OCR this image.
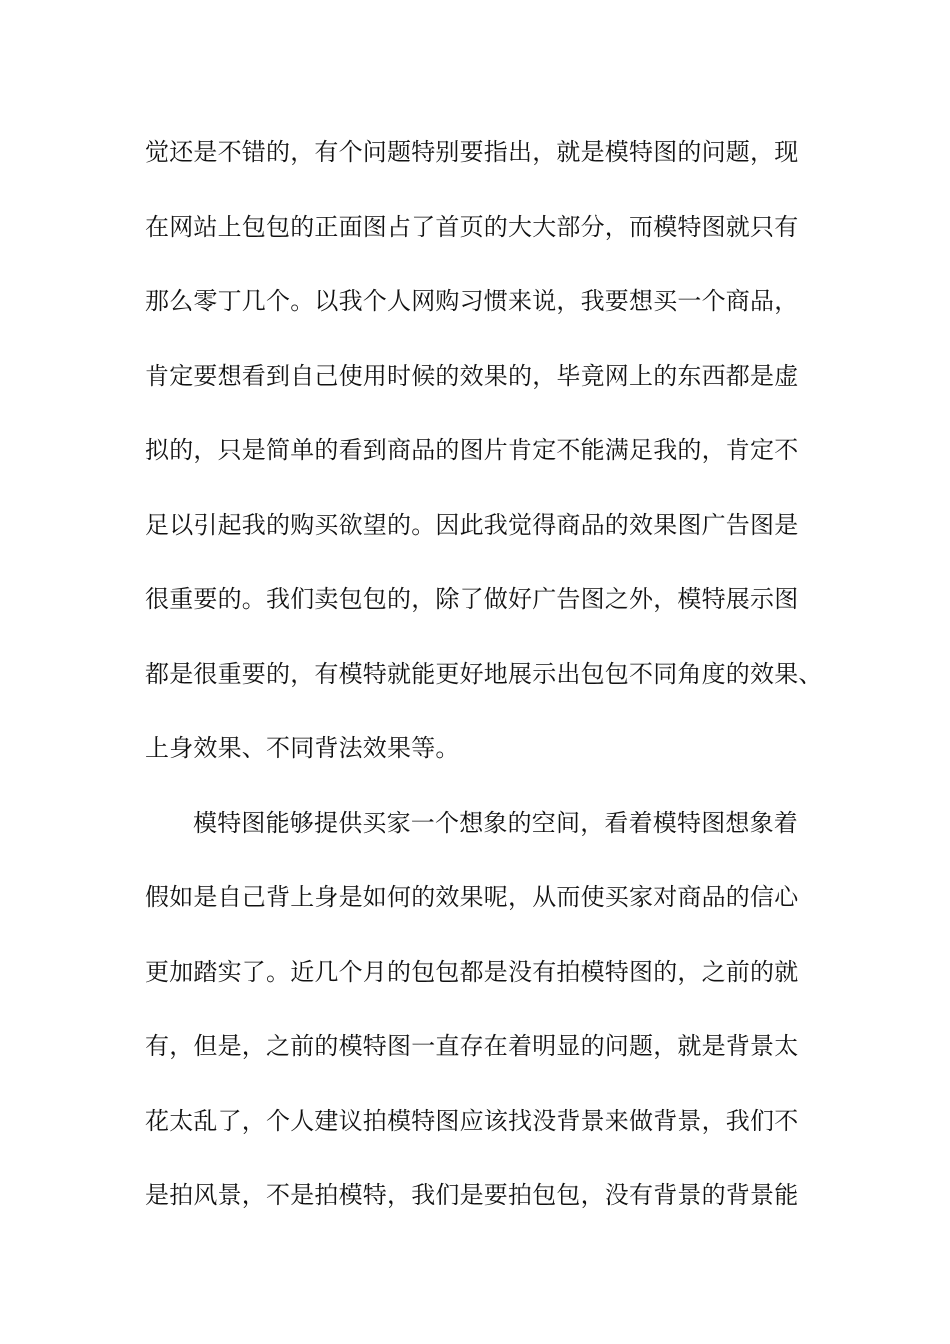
觉还是不错的，有个问题特别要指出，就是模特图的问题，现
在网站上包包的正面图占了首页的大大部分，而模特图就只有
那么零丁几个。以我个人网购习惯来说，我要想买一个商品，
肯定要想看到自己使用时候的效果的，毕竟网上的东西都是虚
拟的，只是简单的看到商品的图片肯定不能满足我的，肯定不
足以引起我的购买欲望的。因此我觉得商品的效果图广告图是
很重要的。我们卖包包的，除了做好广告图之外，模特展示图
都是很重要的，有模特就能更好地展示出包包不同角度的效果、
上身效果、不同背法效果等。
模特图能够提供买家一个想象的空间，看着模特图想象着
假如是自己背上身是如何的效果呢，从而使买家对商品的信心
更加踏实了。近几个月的包包都是没有拍模特图的，之前的就
有，但是，之前的模特图一直存在着明显的问题，就是背景太
花太乱了，个人建议拍模特图应该找没背景来做背景，我们不
是拍风景，不是拍模特，我们是要拍包包，没有背景的背景能
